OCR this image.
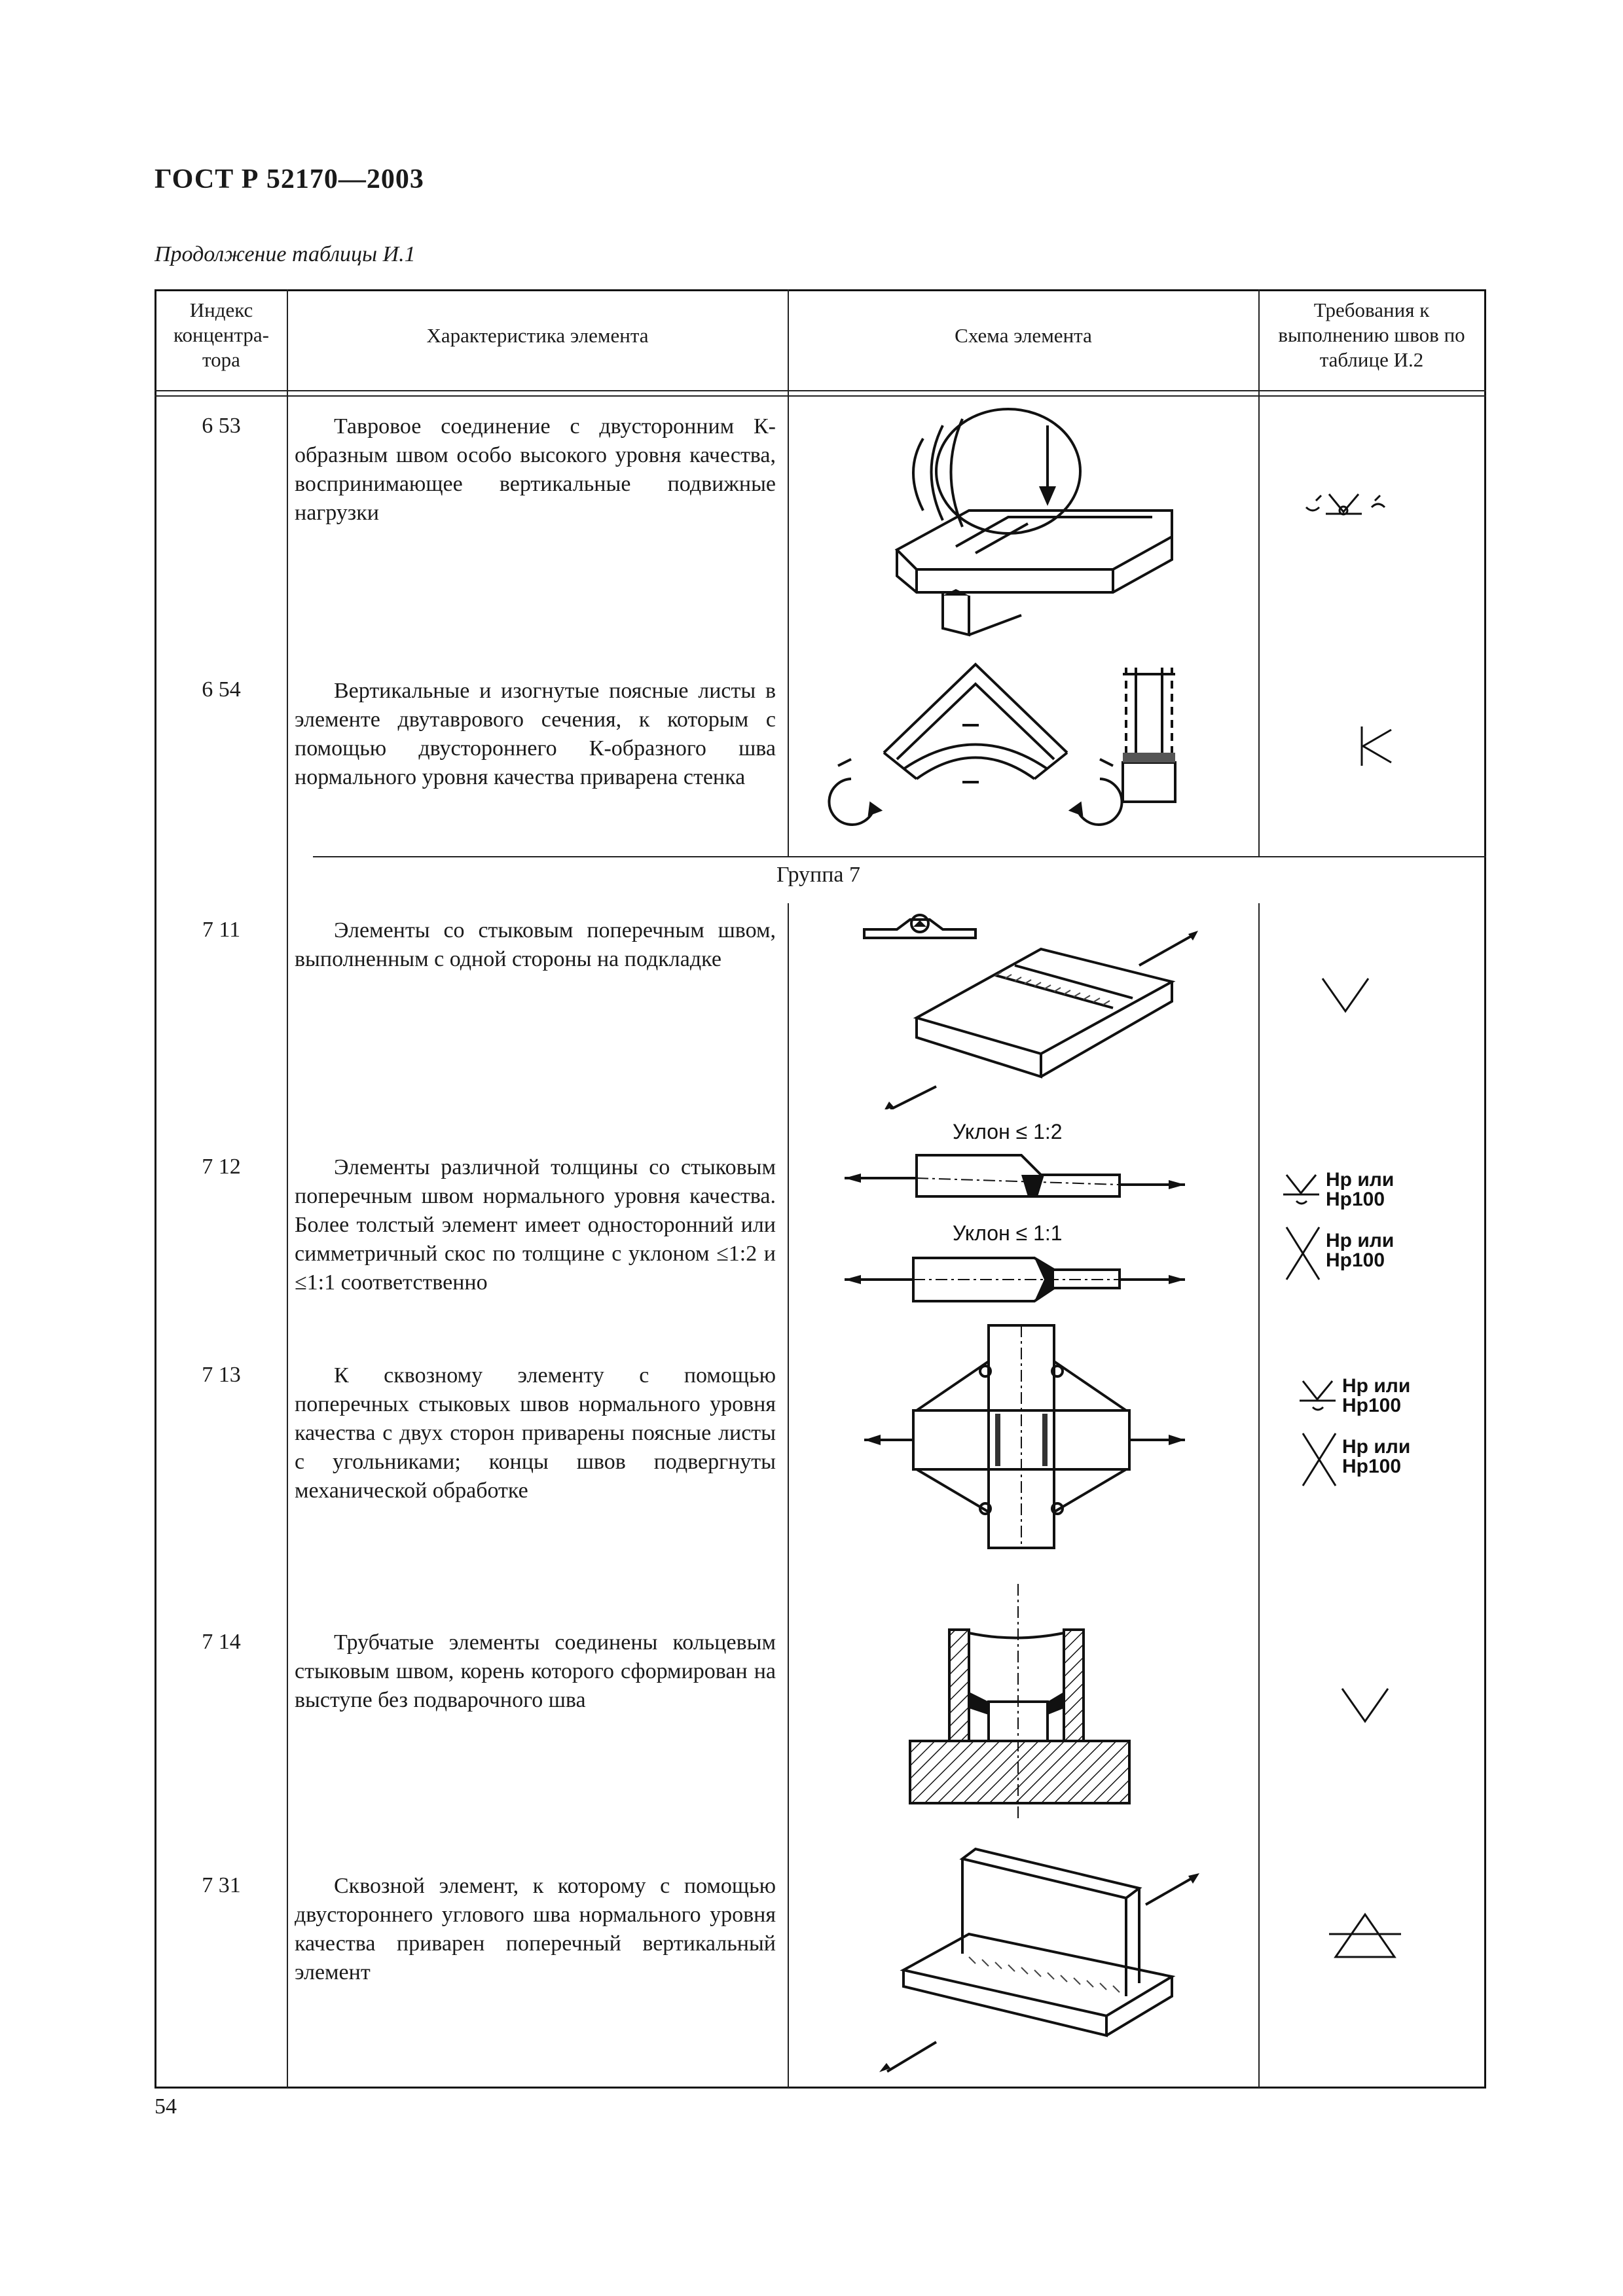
ГОСТ Р 52170—2003
Продолжение таблицы И.1
Индекс концентра-тора
Характеристика элемента	Схема элемента
Требования к выполнению швов по таблице И.2
Группа 7
6 53
6 54
7 11
7 12
7 13
7 14
7 31
Тавровое соединение с двусторонним К-образным швом особо высокого уровня качества, воспринимающее вертикальные подвижные нагрузки
Вертикальные и изогнутые поясные листы в элементе двутаврового сечения, к которым с помощью двустороннего К-образного шва нормального уровня качества приварена стенка
Элементы со стыковым поперечным швом, выполненным с одной стороны на подкладке
Элементы различной толщины со стыковым поперечным швом нормального уровня качества. Более толстый элемент имеет односторонний или симметричный скос по толщине с уклоном ≤1:2 и ≤1:1 соответственно
К сквозному элементу с помощью поперечных стыковых швов нормального уровня качества с двух сторон приварены поясные листы с угольниками; концы швов подвергнуты механической обработке
Трубчатые элементы соединены кольцевым стыковым швом, корень которого сформирован на выступе без подварочного шва
Сквозной элемент, к которому с помощью двустороннего углового шва нормального уровня качества приварен поперечный вертикальный элемент
Уклон ≤ 1:2
Уклон ≤ 1:1
Нр или
Нр100
Нр или
Нр100
Нр или
Нр100
Нр или
Нр100
54
